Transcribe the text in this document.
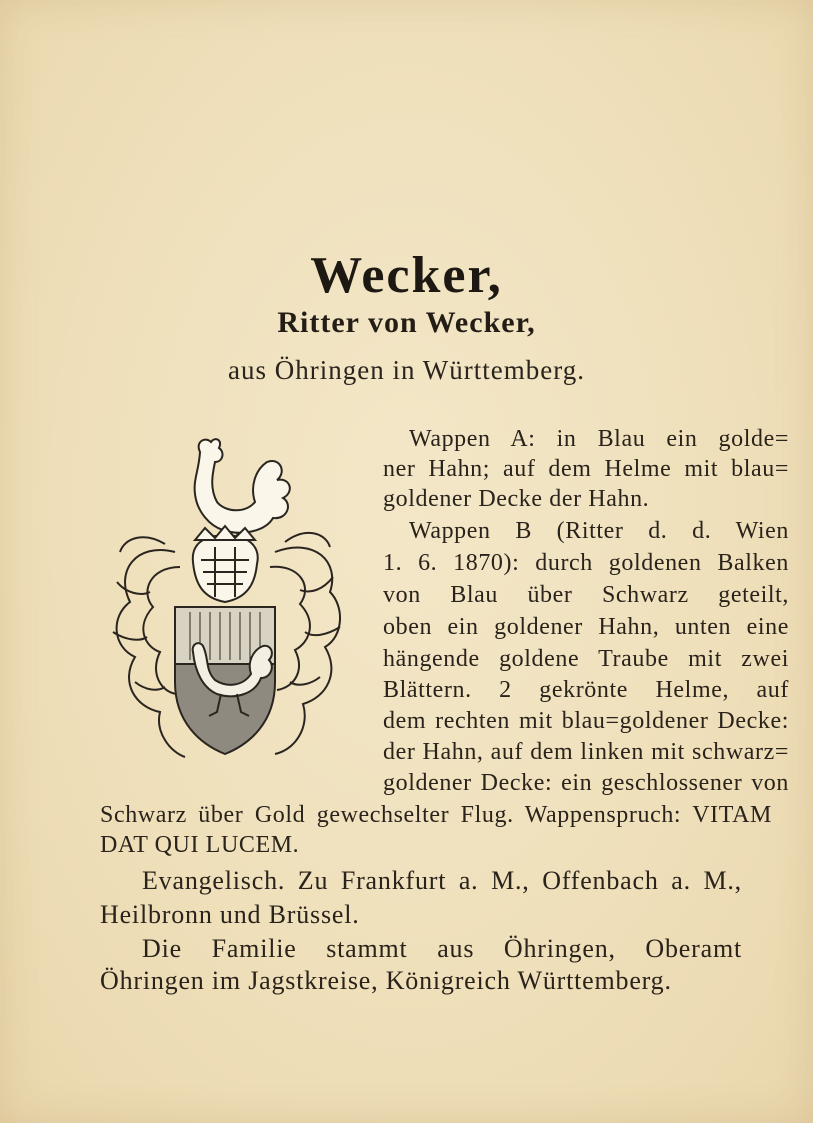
Wecker,
Ritter von Wecker,
aus Öhringen in Württemberg.
Wappen A: in Blau ein golde=
ner Hahn; auf dem Helme mit blau=
goldener Decke der Hahn.
Wappen B (Ritter d. d. Wien
1. 6. 1870): durch goldenen Balken
von Blau über Schwarz geteilt,
oben ein goldener Hahn, unten eine
hängende goldene Traube mit zwei
Blättern. 2 gekrönte Helme, auf
dem rechten mit blau=goldener Decke:
der Hahn, auf dem linken mit schwarz=
goldener Decke: ein geschlossener von
Schwarz über Gold gewechselter Flug. Wappenspruch: VITAM
DAT QUI LUCEM.
Evangelisch. Zu Frankfurt a. M., Offenbach a. M.,
Heilbronn und Brüssel.
Die Familie stammt aus Öhringen, Oberamt
Öhringen im Jagstkreise, Königreich Württemberg.
